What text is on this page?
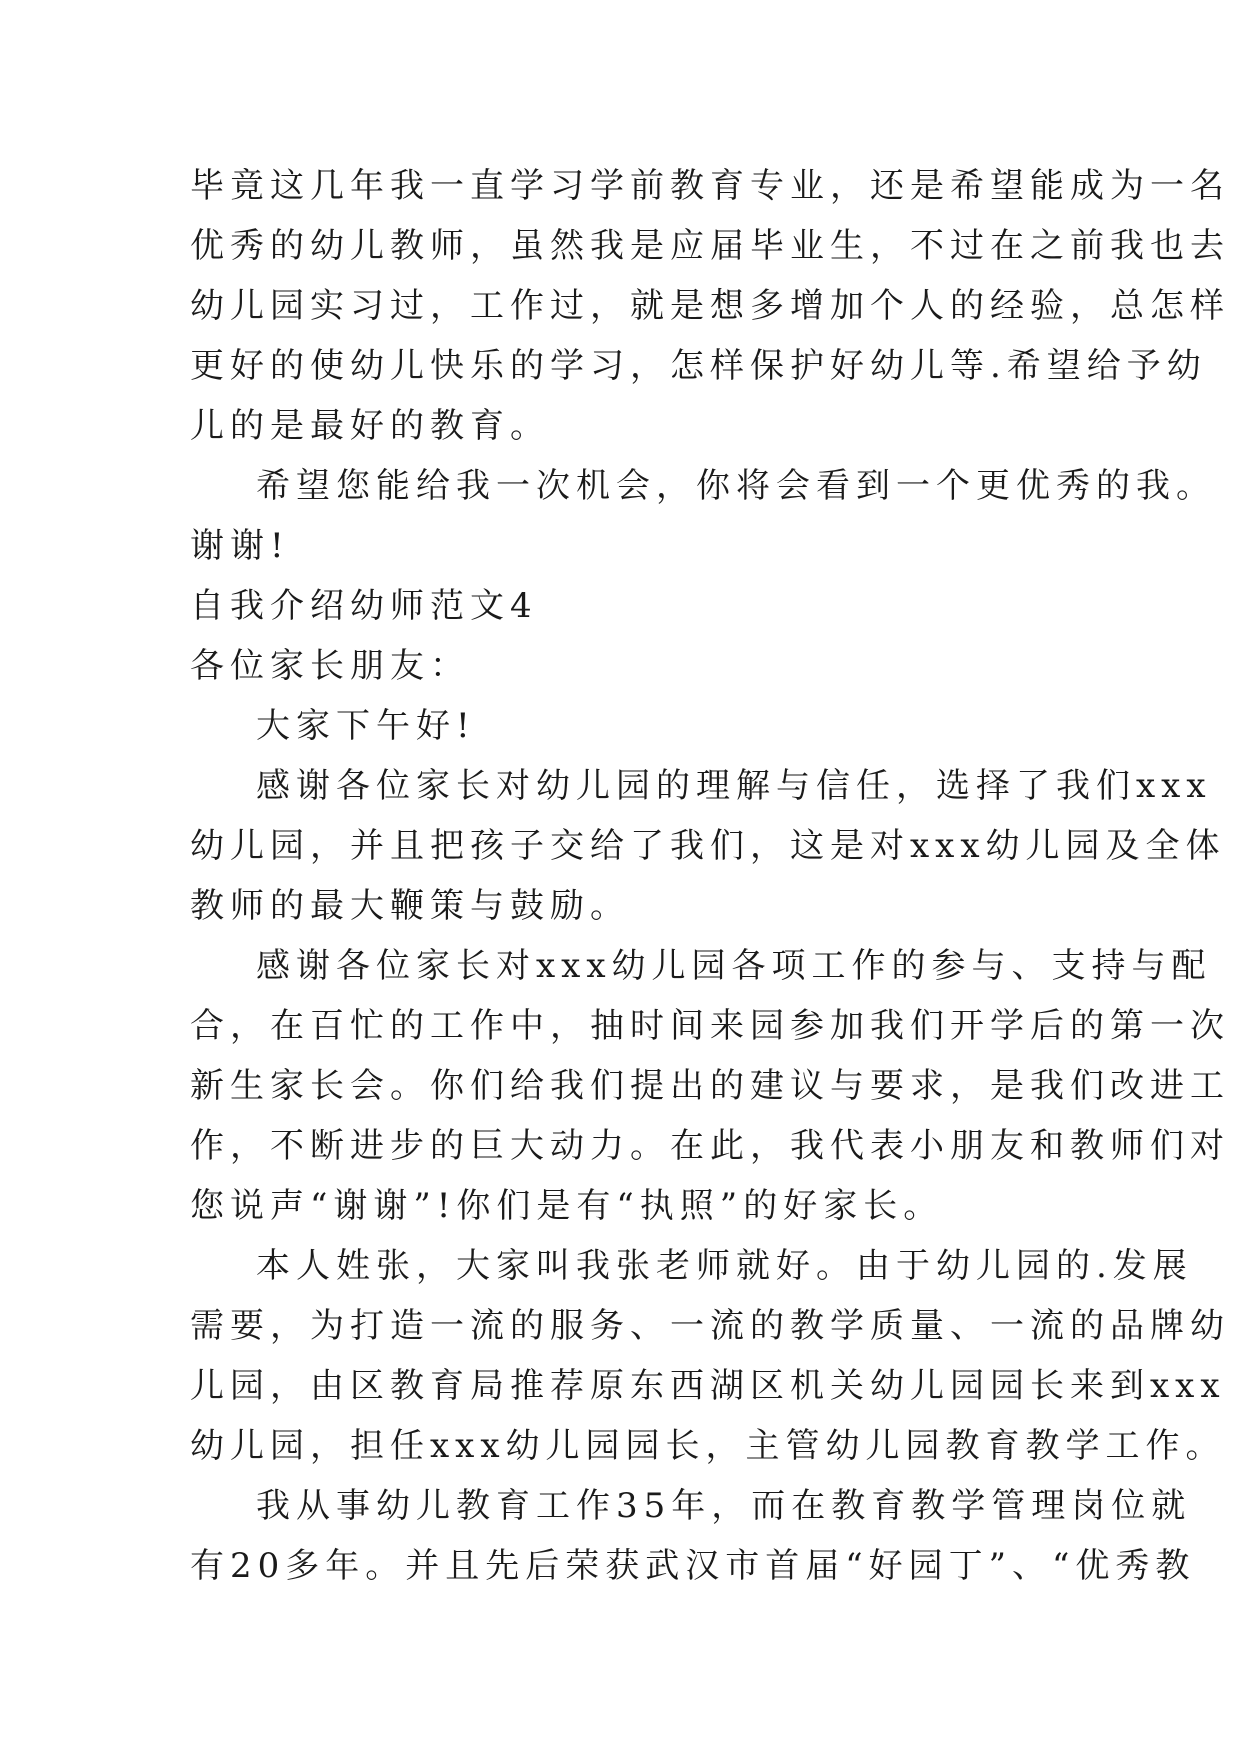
毕竟这几年我一直学习学前教育专业，还是希望能成为一名
优秀的幼儿教师，虽然我是应届毕业生，不过在之前我也去
幼儿园实习过，工作过，就是想多增加个人的经验，总怎样
更好的使幼儿快乐的学习，怎样保护好幼儿等.希望给予幼
儿的是最好的教育。
希望您能给我一次机会，你将会看到一个更优秀的我。
谢谢!
自我介绍幼师范文4
各位家长朋友：
大家下午好!
感谢各位家长对幼儿园的理解与信任，选择了我们xxx
幼儿园，并且把孩子交给了我们，这是对xxx幼儿园及全体
教师的最大鞭策与鼓励。
感谢各位家长对xxx幼儿园各项工作的参与、支持与配
合，在百忙的工作中，抽时间来园参加我们开学后的第一次
新生家长会。你们给我们提出的建议与要求，是我们改进工
作，不断进步的巨大动力。在此，我代表小朋友和教师们对
您说声“谢谢”!你们是有“执照”的好家长。
本人姓张，大家叫我张老师就好。由于幼儿园的.发展
需要，为打造一流的服务、一流的教学质量、一流的品牌幼
儿园，由区教育局推荐原东西湖区机关幼儿园园长来到xxx
幼儿园，担任xxx幼儿园园长，主管幼儿园教育教学工作。
我从事幼儿教育工作35年，而在教育教学管理岗位就
有20多年。并且先后荣获武汉市首届“好园丁”、“优秀教
